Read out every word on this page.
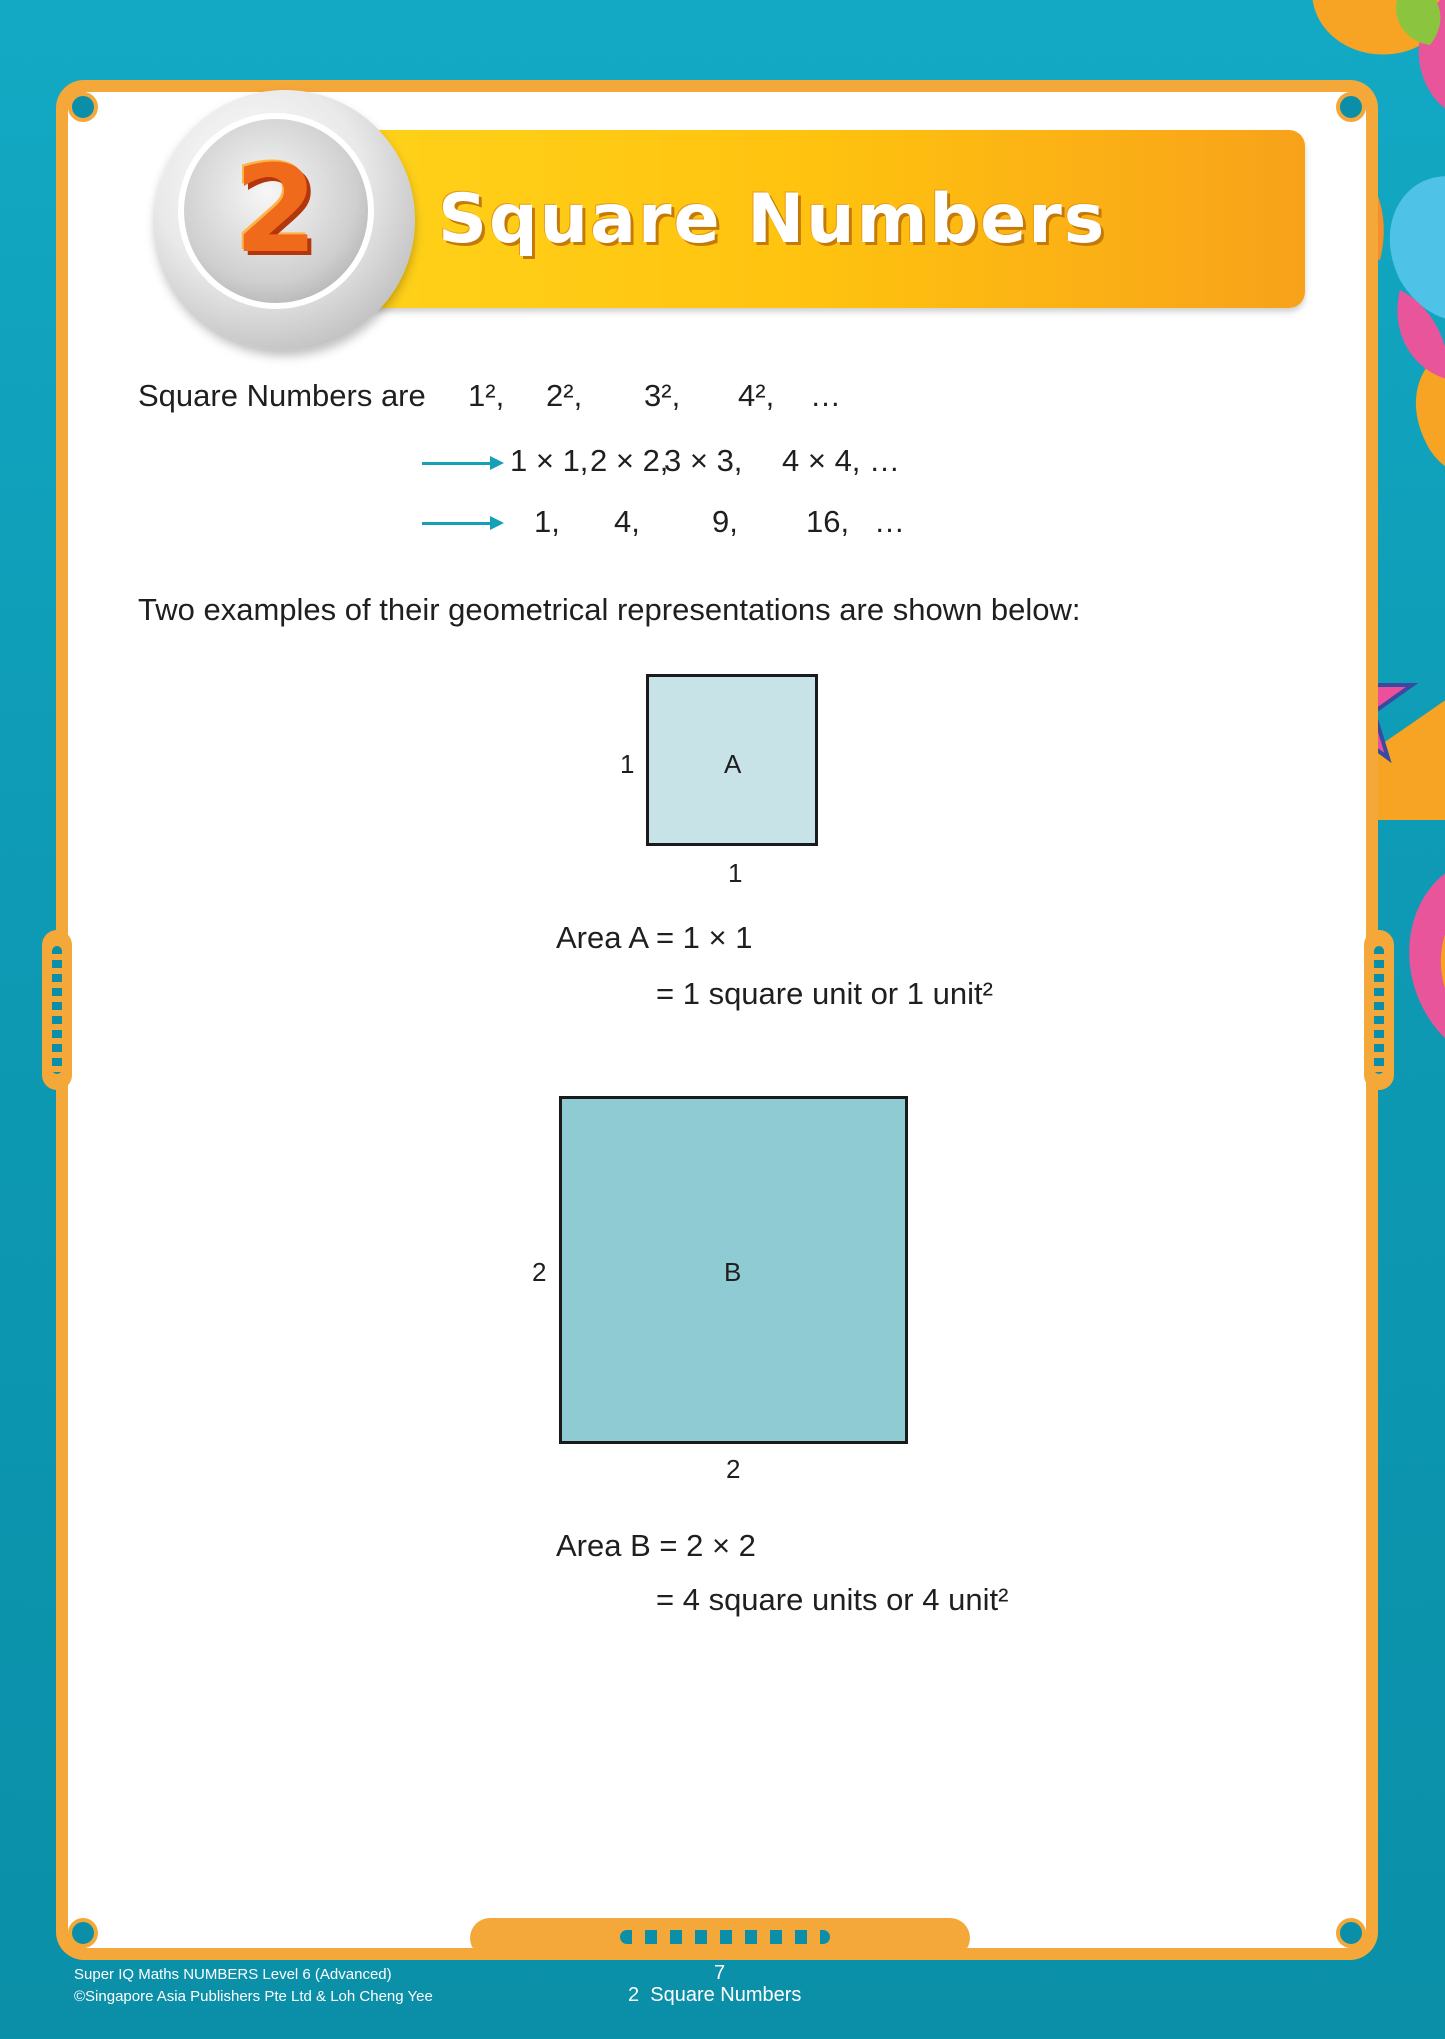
Square Numbers
2
Square Numbers are 1², 2², 3², 4², …
1 × 1, 2 × 2,
3 × 3, 4 × 4, …
1, 4, 9, 16, …
Two examples of their geometrical representations are shown below:
A
1
1
Area A = 1 × 1
= 1 square unit or 1 unit²
B
2
2
Area B = 2 × 2
= 4 square units or 4 unit²
Super IQ Maths NUMBERS Level 6 (Advanced)
©Singapore Asia Publishers Pte Ltd & Loh Cheng Yee
7
2  Square Numbers
